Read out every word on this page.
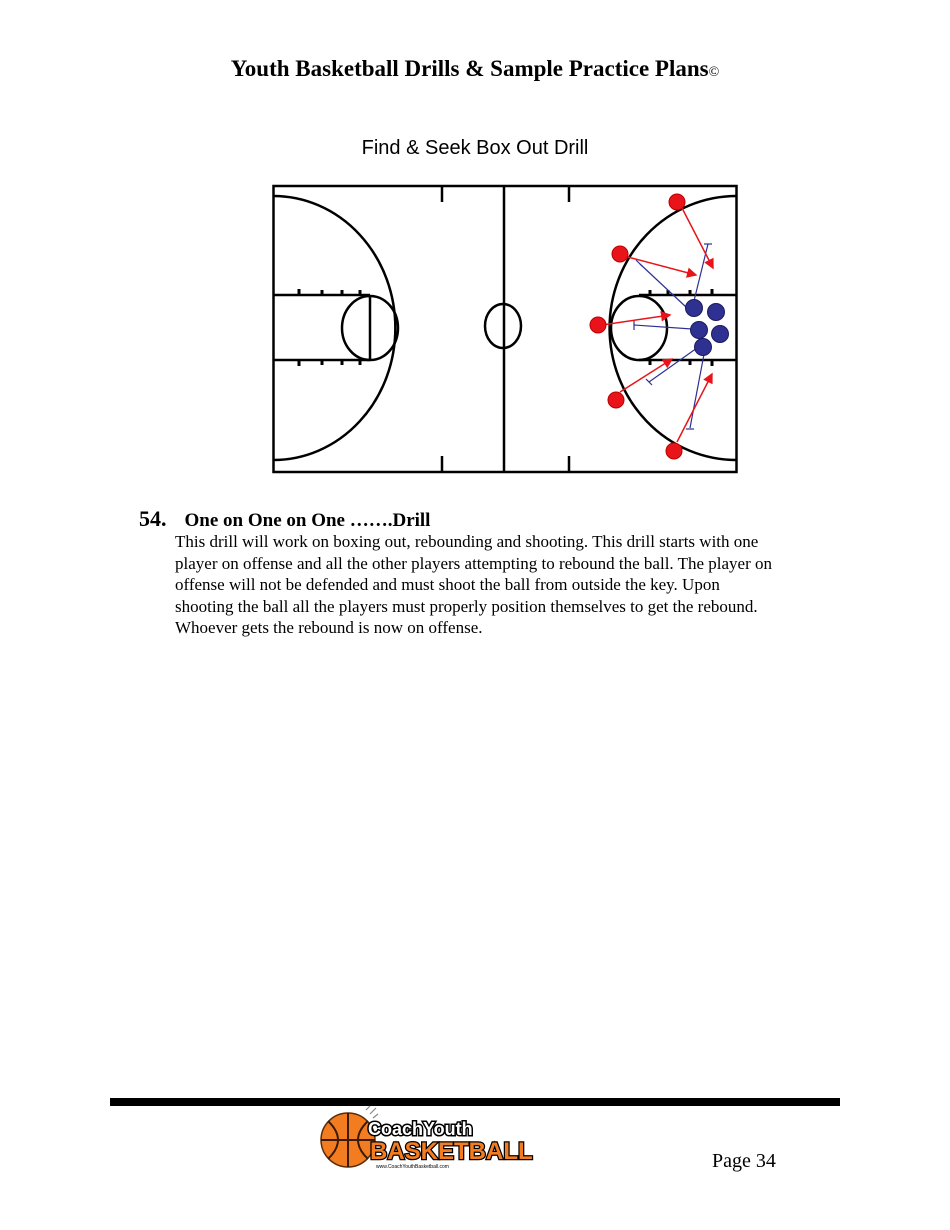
Youth Basketball Drills & Sample Practice Plans©
Find & Seek Box Out Drill
54. One on One on One …….Drill
This drill will work on boxing out, rebounding and shooting. This drill starts with one
player on offense and all the other players attempting to rebound the ball. The player on
offense will not be defended and must shoot the ball from outside the key. Upon
shooting the ball all the players must properly position themselves to get the rebound.
Whoever gets the rebound is now on offense.
CoachYouth
BASKETBALL
www.CoachYouthBasketball.com	Page 34
